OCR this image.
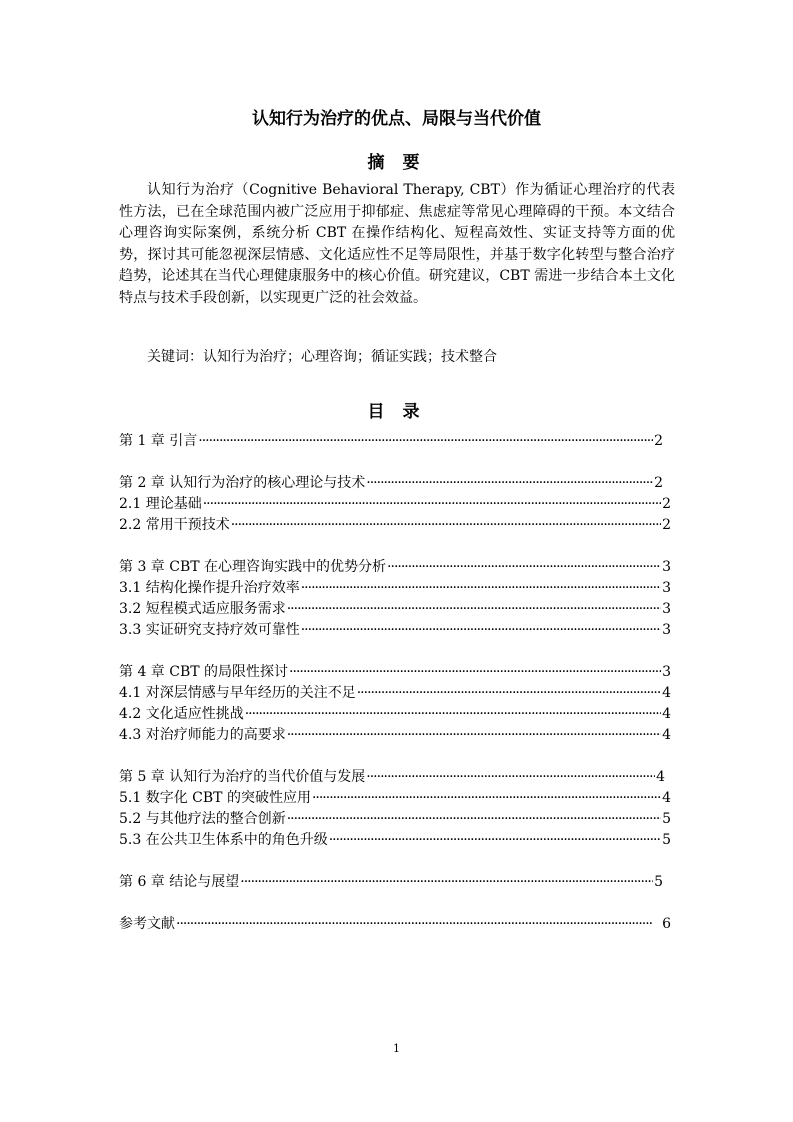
认知行为治疗的优点、局限与当代价值
摘 要
认知行为治疗（Cognitive Behavioral Therapy, CBT）作为循证心理治疗的代表性方法，已在全球范围内被广泛应用于抑郁症、焦虑症等常见心理障碍的干预。本文结合心理咨询实际案例，系统分析 CBT 在操作结构化、短程高效性、实证支持等方面的优势，探讨其可能忽视深层情感、文化适应性不足等局限性，并基于数字化转型与整合治疗趋势，论述其在当代心理健康服务中的核心价值。研究建议，CBT 需进一步结合本土文化特点与技术手段创新，以实现更广泛的社会效益。
关键词：认知行为治疗；心理咨询；循证实践；技术整合
目 录
第 1 章 引言 ·····	2
第 2 章 认知行为治疗的核心理论与技术 ·····	2
2.1 理论基础 ·····	2
2.2 常用干预技术 ·····	2
第 3 章 CBT 在心理咨询实践中的优势分析 ·····	3
3.1 结构化操作提升治疗效率 ·····	3
3.2 短程模式适应服务需求 ·····	3
3.3 实证研究支持疗效可靠性 ·····	3
第 4 章 CBT 的局限性探讨 ·····	3
4.1 对深层情感与早年经历的关注不足 ·····	4
4.2 文化适应性挑战 ·····	4
4.3 对治疗师能力的高要求 ·····	4
第 5 章 认知行为治疗的当代价值与发展 ·····	4
5.1 数字化 CBT 的突破性应用 ·····	4
5.2 与其他疗法的整合创新 ·····	5
5.3 在公共卫生体系中的角色升级 ·····	5
第 6 章 结论与展望 ·····	5
参考文献 ·····	6
1
